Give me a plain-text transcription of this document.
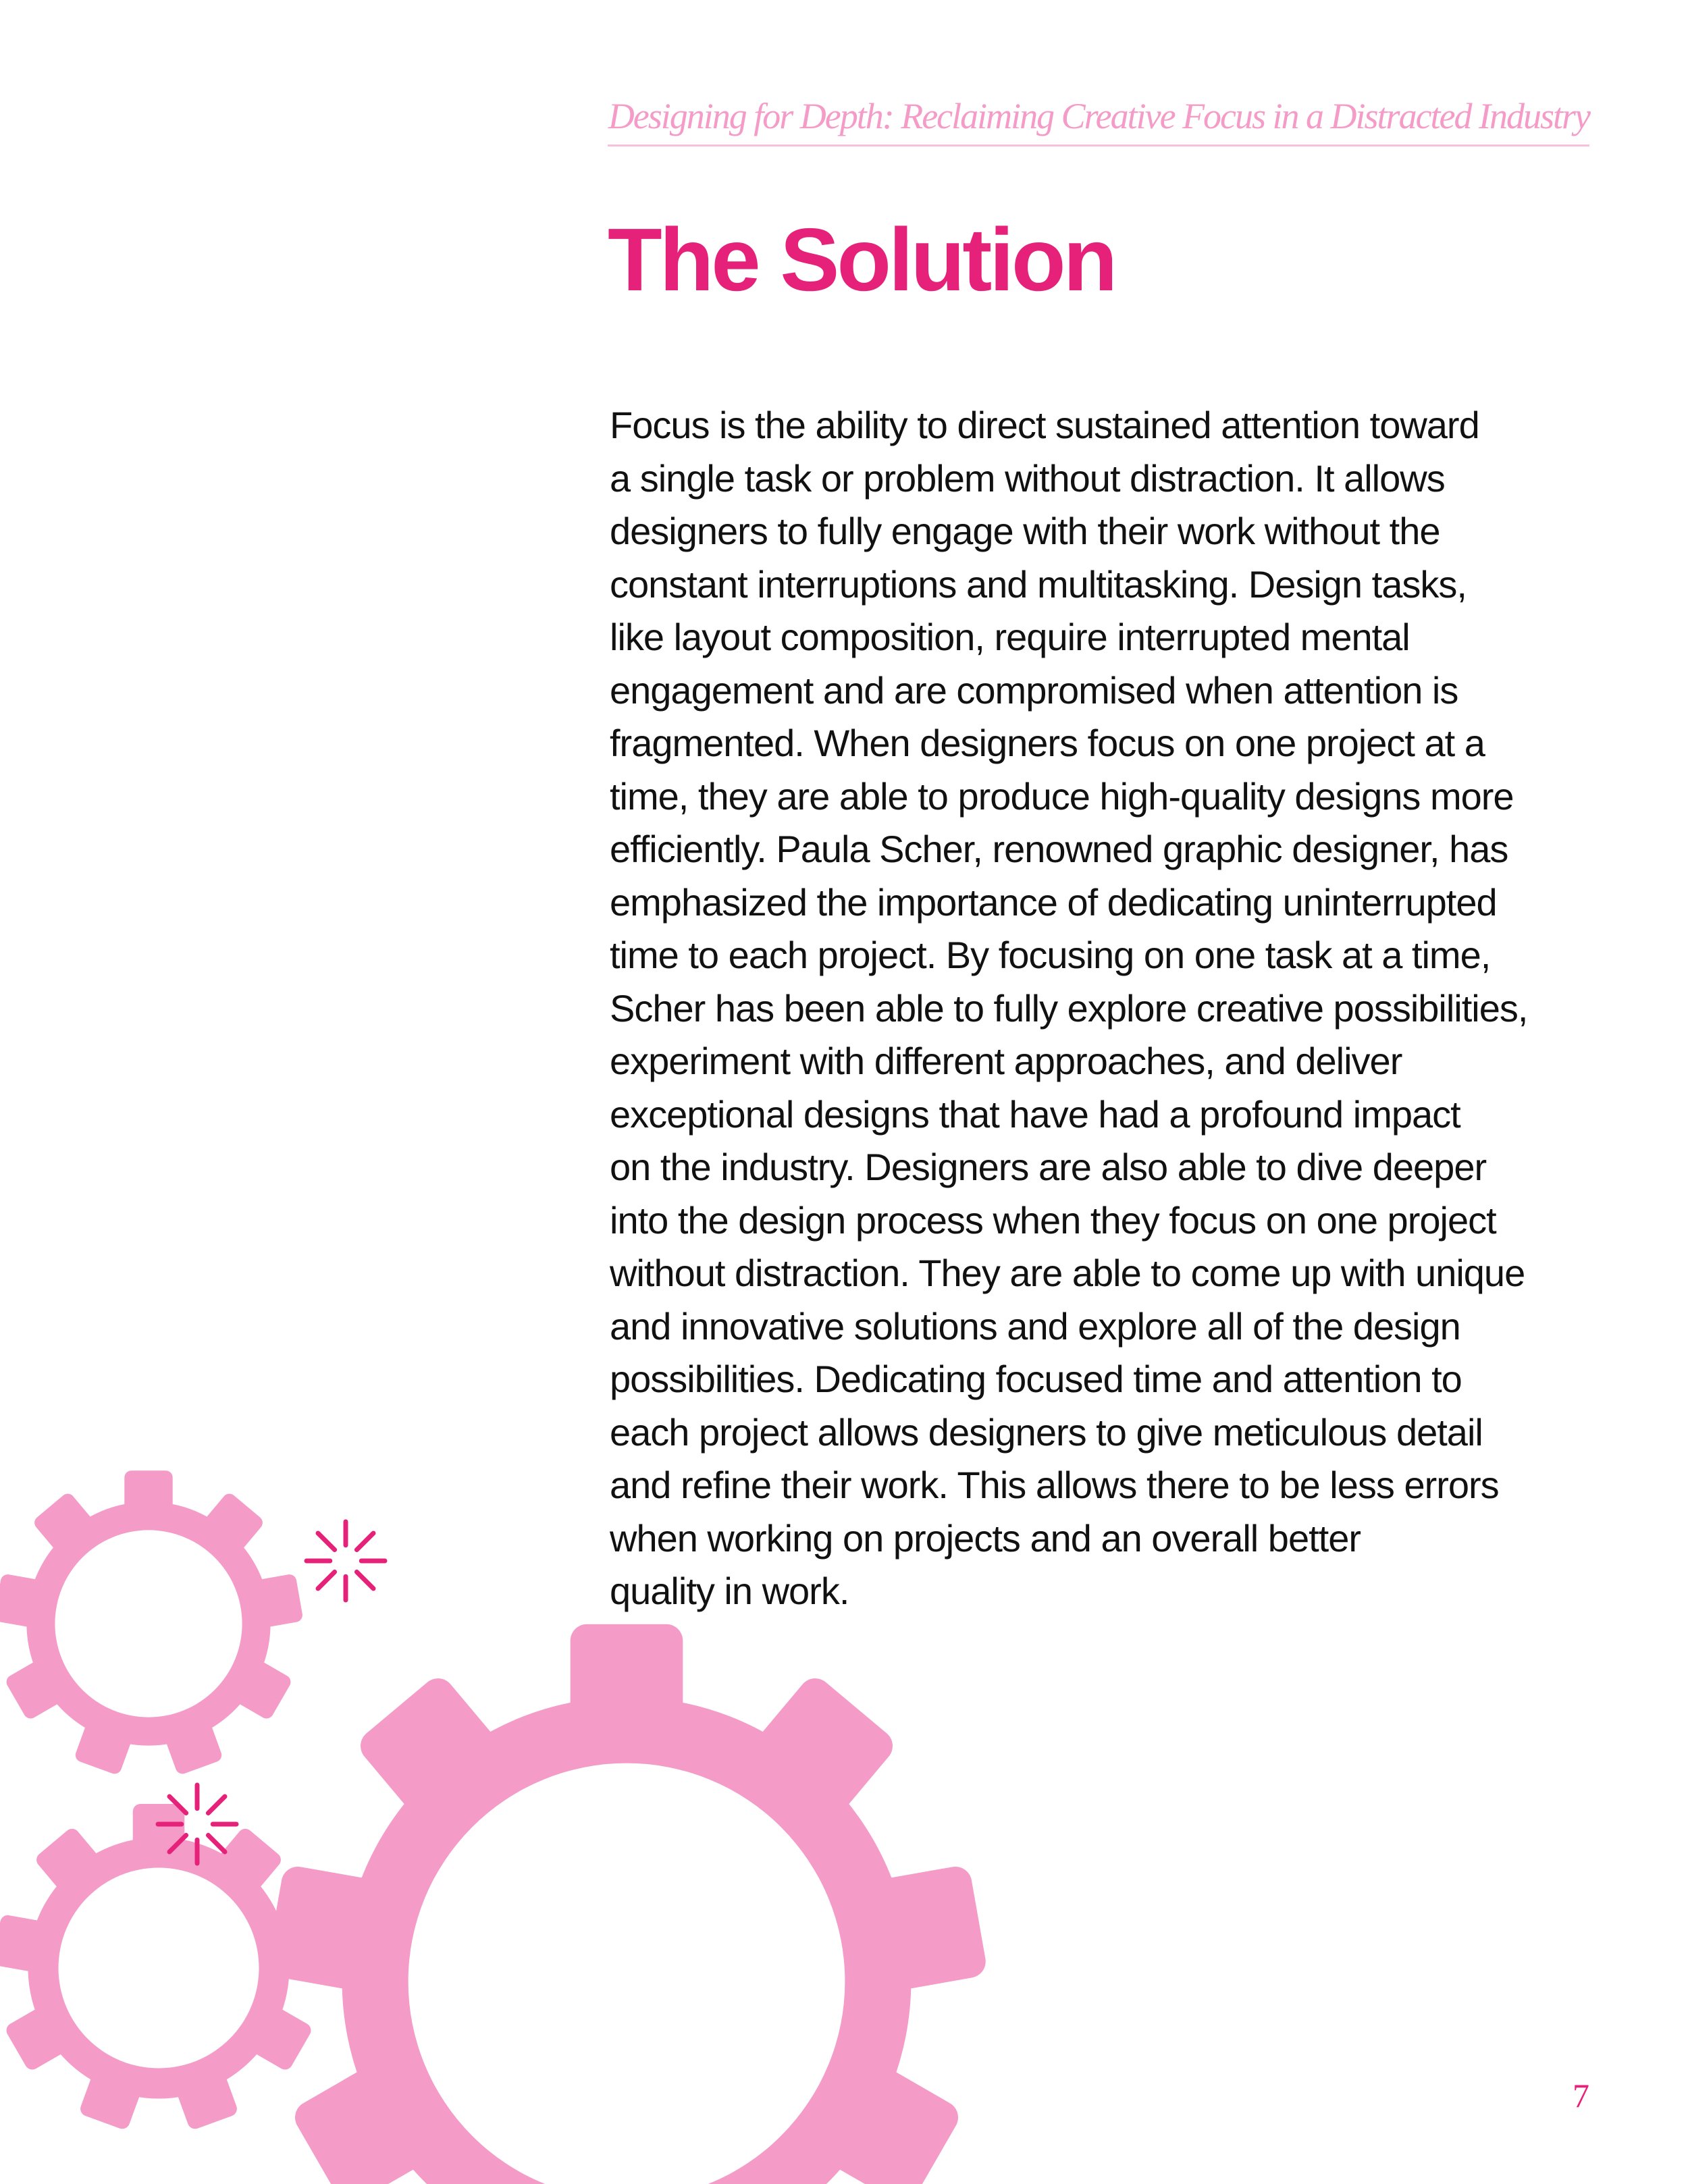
Designing for Depth: Reclaiming Creative Focus in a Distracted Industry
The Solution
Focus is the ability to direct sustained attention toward
a single task or problem without distraction. It allows
designers to fully engage with their work without the
constant interruptions and multitasking. Design tasks,
like layout composition, require interrupted mental
engagement and are compromised when attention is
fragmented. When designers focus on one project at a
time, they are able to produce high-quality designs more
efficiently. Paula Scher, renowned graphic designer, has
emphasized the importance of dedicating uninterrupted
time to each project. By focusing on one task at a time,
Scher has been able to fully explore creative possibilities,
experiment with different approaches, and deliver
exceptional designs that have had a profound impact
on the industry. Designers are also able to dive deeper
into the design process when they focus on one project
without distraction. They are able to come up with unique
and innovative solutions and explore all of the design
possibilities. Dedicating focused time and attention to
each project allows designers to give meticulous detail
and refine their work. This allows there to be less errors
when working on projects and an overall better
quality in work.
7
